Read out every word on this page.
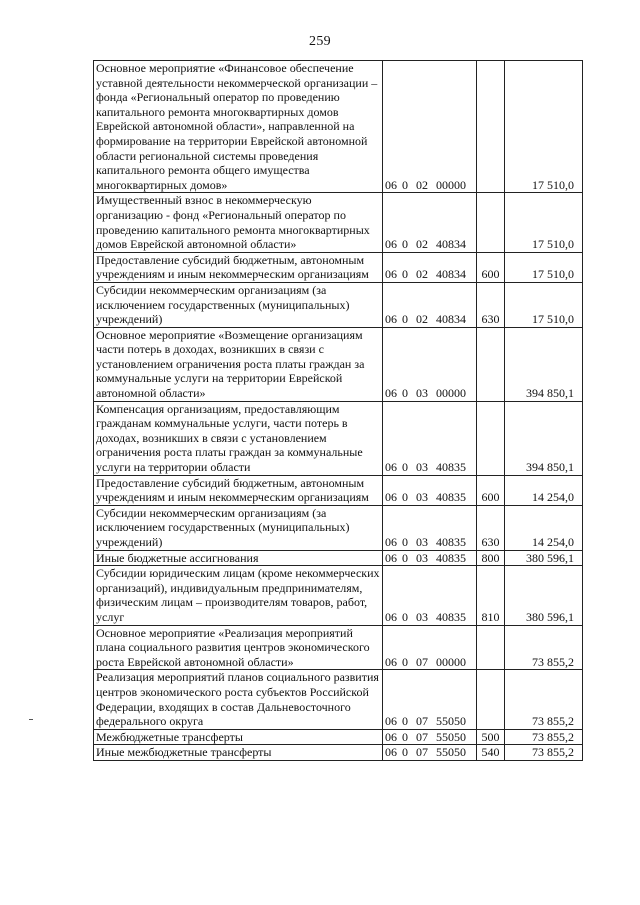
259
Основное мероприятие «Финансовое обеспечение уставной деятельности некоммерческой организации – фонда «Региональный оператор по проведению капитального ремонта многоквартирных домов Еврейской автономной области», направленной на формирование на территории Еврейской автономной области региональной системы проведения капитального ремонта общего имущества многоквартирных домов»	06 0 02 00000		17 510,0
Имущественный взнос в некоммерческую организацию - фонд «Региональный оператор по проведению капитального ремонта многоквартирных домов Еврейской автономной области»	06 0 02 40834		17 510,0
Предоставление субсидий бюджетным, автономным учреждениям и иным некоммерческим организациям	06 0 02 40834	600	17 510,0
Субсидии некоммерческим организациям (за исключением государственных (муниципальных) учреждений)	06 0 02 40834	630	17 510,0
Основное мероприятие «Возмещение организациям части потерь в доходах, возникших в связи с установлением ограничения роста платы граждан за коммунальные услуги на территории Еврейской автономной области»	06 0 03 00000		394 850,1
Компенсация организациям, предоставляющим гражданам коммунальные услуги, части потерь в доходах, возникших в связи с установлением ограничения роста платы граждан за коммунальные услуги на территории области	06 0 03 40835		394 850,1
Предоставление субсидий бюджетным, автономным учреждениям и иным некоммерческим организациям	06 0 03 40835	600	14 254,0
Субсидии некоммерческим организациям (за исключением государственных (муниципальных) учреждений)	06 0 03 40835	630	14 254,0
Иные бюджетные ассигнования	06 0 03 40835	800	380 596,1
Субсидии юридическим лицам (кроме некоммерческих организаций), индивидуальным предпринимателям, физическим лицам – производителям товаров, работ, услуг	06 0 03 40835	810	380 596,1
Основное мероприятие «Реализация мероприятий плана социального развития центров экономического роста Еврейской автономной области»	06 0 07 00000		73 855,2
Реализация мероприятий планов социального развития центров экономического роста субъектов Российской Федерации, входящих в состав Дальневосточного федерального округа	06 0 07 55050		73 855,2
Межбюджетные трансферты	06 0 07 55050	500	73 855,2
Иные межбюджетные трансферты	06 0 07 55050	540	73 855,2
